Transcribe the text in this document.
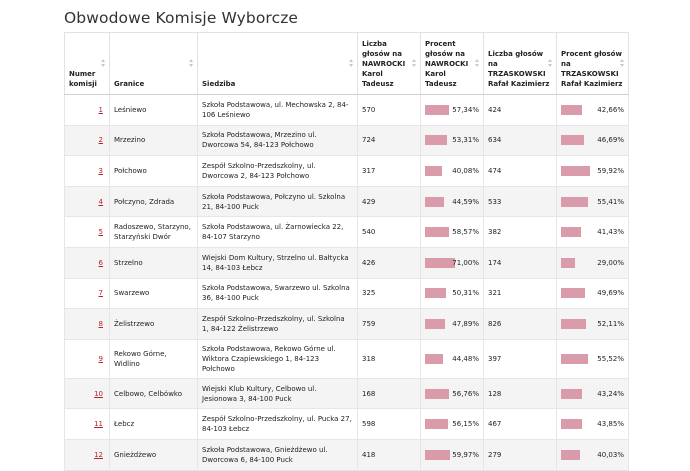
Obwodowe Komisje Wyborcze
Numer komisji	Granice	Siedziba	Liczba głosów na NAWROCKI Karol Tadeusz	Procent głosów na NAWROCKI Karol Tadeusz	Liczba głosów na TRZASKOWSKI Rafał Kazimierz	Procent głosów na TRZASKOWSKI Rafał Kazimierz

1	Leśniewo	Szkoła Podstawowa, ul. Mechowska 2, 84-106 Leśniewo	570	57,34%	424	42,66%

2	Mrzezino	Szkoła Podstawowa, Mrzezino ul. Dworcowa 54, 84-123 Połchowo	724	53,31%	634	46,69%

3	Połchowo	Zespół Szkolno-Przedszkolny, ul. Dworcowa 2, 84-123 Połchowo	317	40,08%	474	59,92%

4	Połczyno, Zdrada	Szkoła Podstawowa, Połczyno ul. Szkolna 21, 84-100 Puck	429	44,59%	533	55,41%

5	Radoszewo, Starzyno, Starzyński Dwór	Szkoła Podstawowa, ul. Żarnowiecka 22, 84-107 Starzyno	540	58,57%	382	41,43%

6	Strzelno	Wiejski Dom Kultury, Strzelno ul. Bałtycka 14, 84-103 Łebcz	426	71,00%	174	29,00%

7	Swarzewo	Szkoła Podstawowa, Swarzewo ul. Szkolna 36, 84-100 Puck	325	50,31%	321	49,69%

8	Żelistrzewo	Zespół Szkolno-Przedszkolny, ul. Szkolna 1, 84-122 Żelistrzewo	759	47,89%	826	52,11%

9	Rekowo Górne, Widlino	Szkoła Podstawowa, Rekowo Górne ul. Wiktora Czapiewskiego 1, 84-123 Połchowo	318	44,48%	397	55,52%

10	Celbowo, Celbówko	Wiejski Klub Kultury, Celbowo ul. Jesionowa 3, 84-100 Puck	168	56,76%	128	43,24%

11	Łebcz	Zespół Szkolno-Przedszkolny, ul. Pucka 27, 84-103 Łebcz	598	56,15%	467	43,85%

12	Gnieżdżewo	Szkoła Podstawowa, Gnieżdżewo ul. Dworcowa 6, 84-100 Puck	418	59,97%	279	40,03%
